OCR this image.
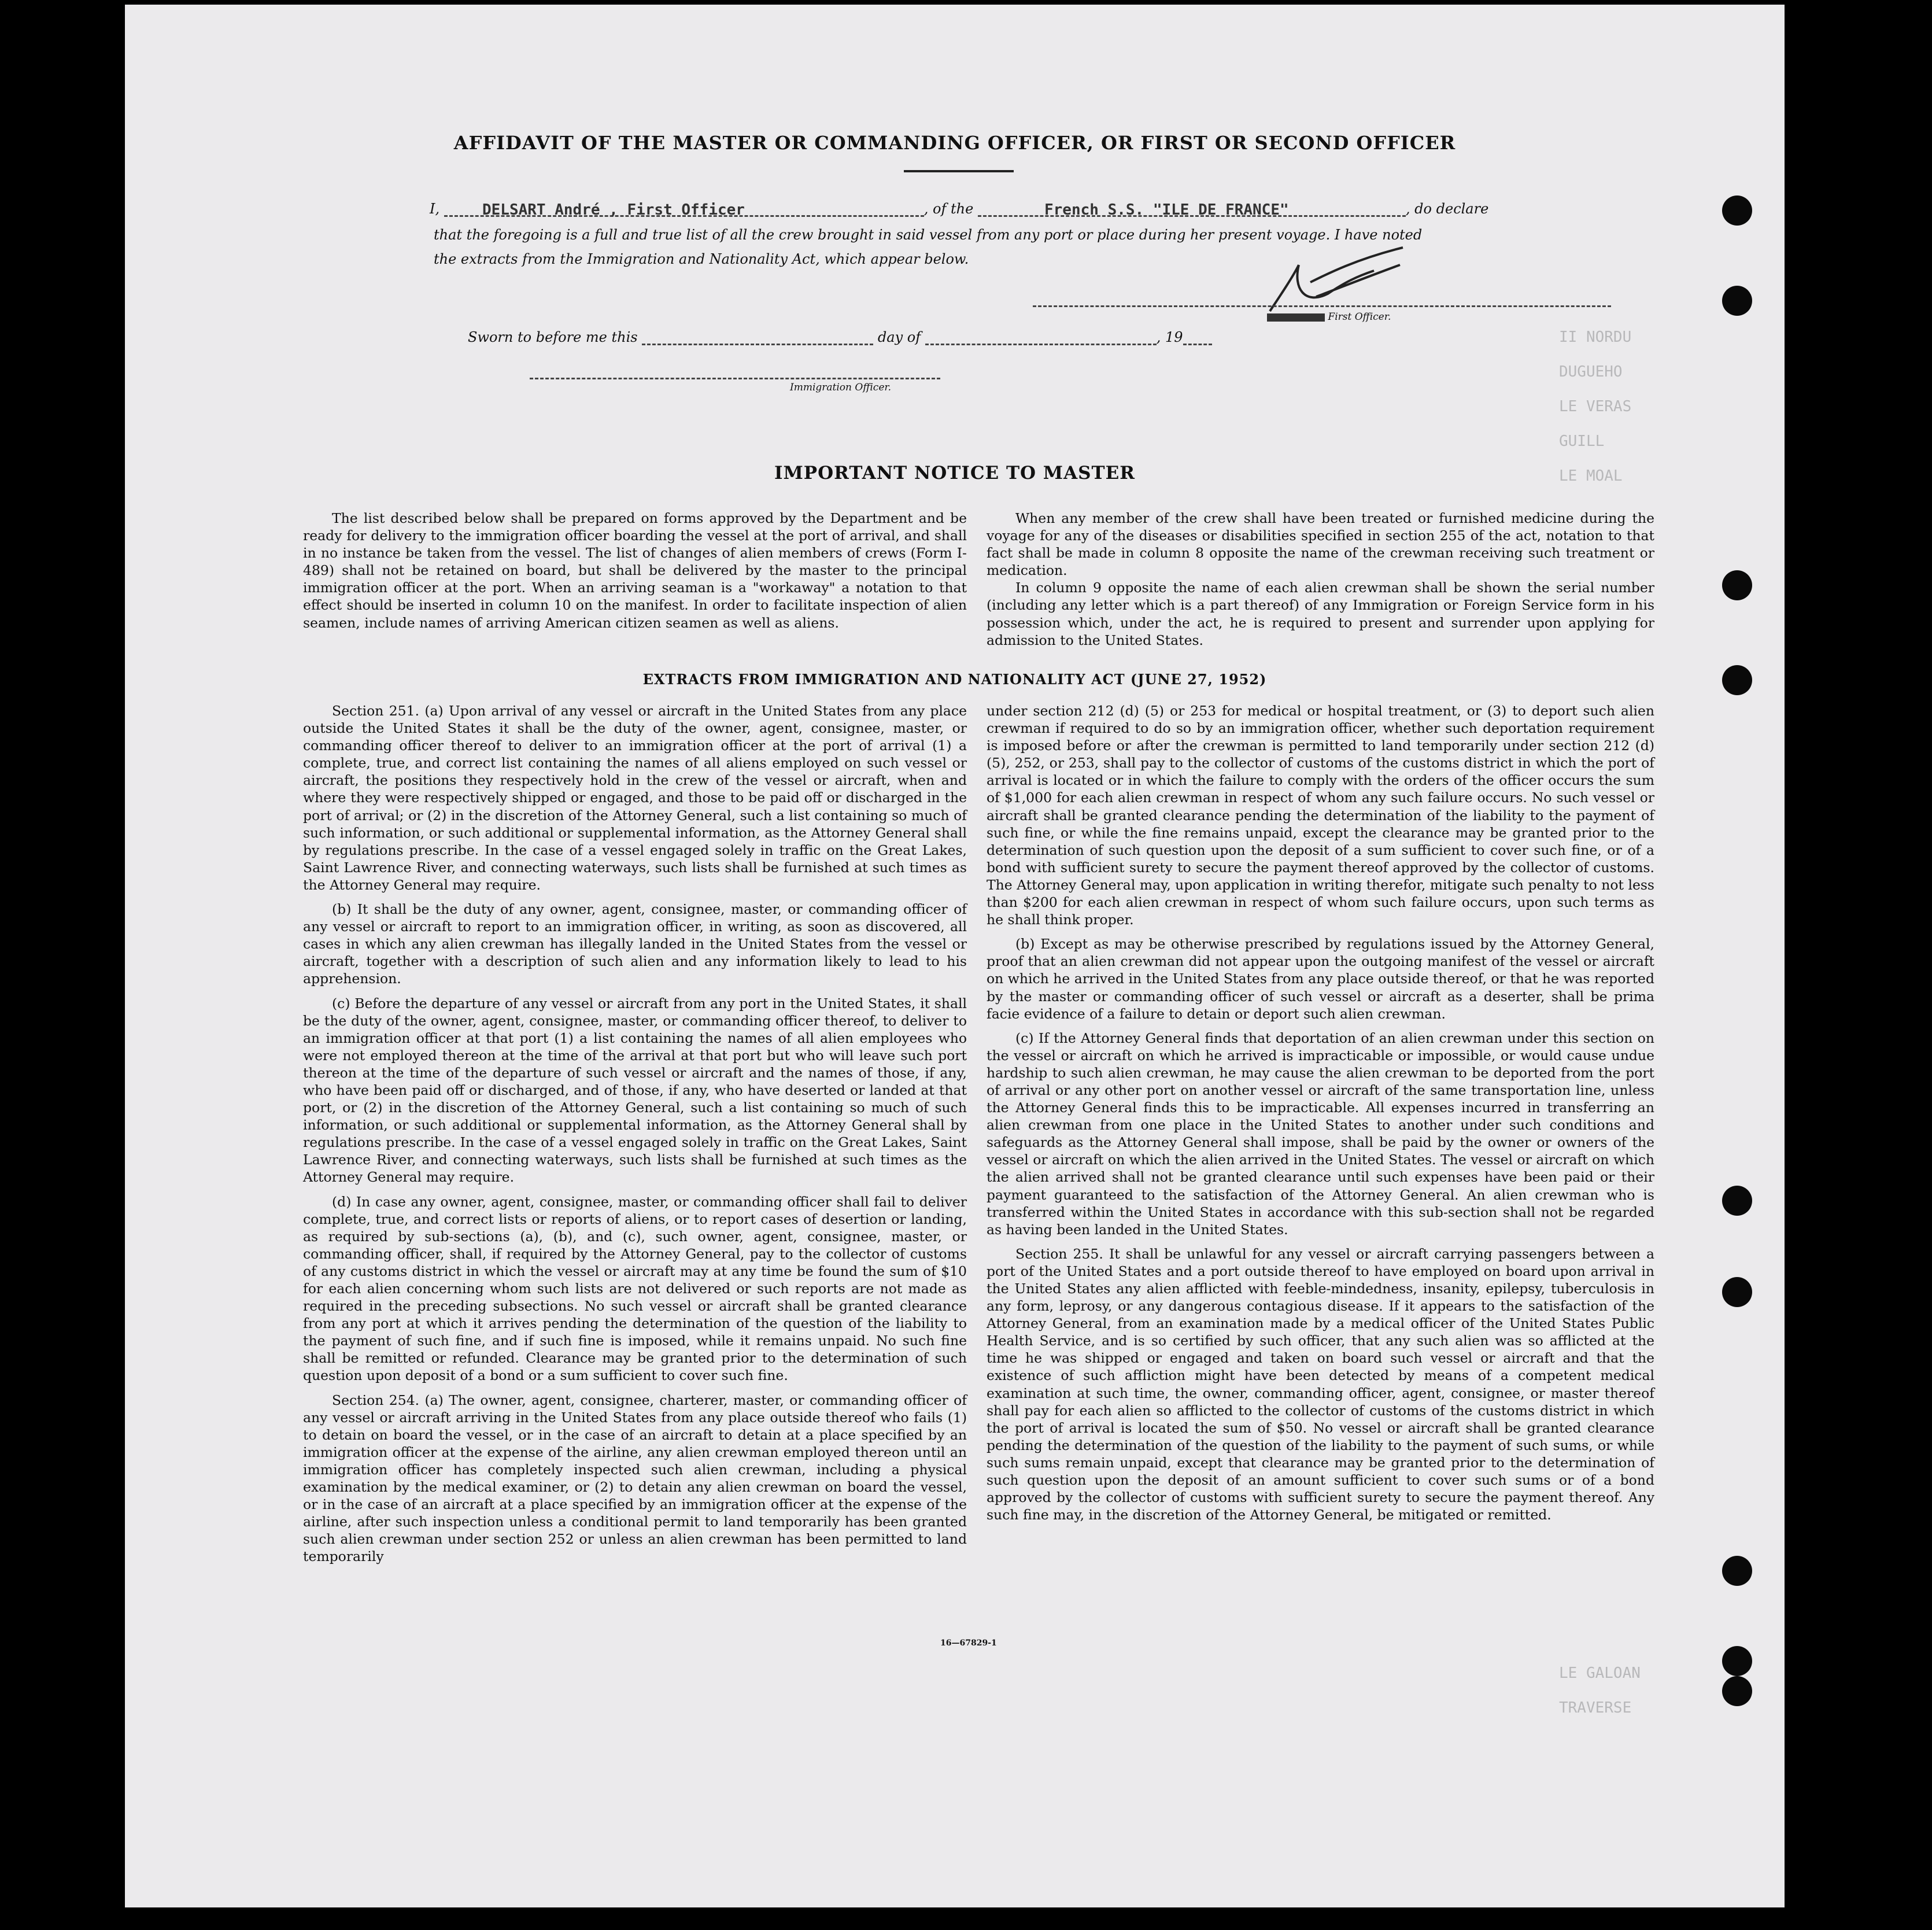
II NORDU
DUGUEHO
LE VERAS
GUILL
LE MOAL
LE GALOAN
TRAVERSE
AFFIDAVIT OF THE MASTER OR COMMANDING OFFICER, OR FIRST OR SECOND OFFICER
I,	, of the	, do declare
DELSART André , First Officer	French S.S. "ILE DE FRANCE"
that the foregoing is a full and true list of all the crew brought in said vessel from any port or place during her present voyage. I have noted
the extracts from the Immigration and Nationality Act, which appear below.
First Officer.
Sworn to before me this	day of	, 19
Immigration Officer.
IMPORTANT NOTICE TO MASTER

The list described below shall be prepared on forms approved by the Department and be ready for delivery to the immigration officer boarding the vessel at the port of arrival, and shall in no instance be taken from the vessel. The list of changes of alien members of crews (Form I-489) shall not be retained on board, but shall be delivered by the master to the principal immigration officer at the port. When an arriving seaman is a "workaway" a notation to that effect should be inserted in column 10 on the manifest. In order to facilitate inspection of alien seamen, include names of arriving American citizen seamen as well as aliens.

When any member of the crew shall have been treated or furnished medicine during the voyage for any of the diseases or disabilities specified in section 255 of the act, notation to that fact shall be made in column 8 opposite the name of the crewman receiving such treatment or medication.

In column 9 opposite the name of each alien crewman shall be shown the serial number (including any letter which is a part thereof) of any Immigration or Foreign Service form in his possession which, under the act, he is required to present and surrender upon applying for admission to the United States.

EXTRACTS FROM IMMIGRATION AND NATIONALITY ACT (JUNE 27, 1952)

Section 251. (a) Upon arrival of any vessel or aircraft in the United States from any place outside the United States it shall be the duty of the owner, agent, consignee, master, or commanding officer thereof to deliver to an immigration officer at the port of arrival (1) a complete, true, and correct list containing the names of all aliens employed on such vessel or aircraft, the positions they respectively hold in the crew of the vessel or aircraft, when and where they were respectively shipped or engaged, and those to be paid off or discharged in the port of arrival; or (2) in the discretion of the Attorney General, such a list containing so much of such information, or such additional or supplemental information, as the Attorney General shall by regulations prescribe. In the case of a vessel engaged solely in traffic on the Great Lakes, Saint Lawrence River, and connecting waterways, such lists shall be furnished at such times as the Attorney General may require.

(b) It shall be the duty of any owner, agent, consignee, master, or commanding officer of any vessel or aircraft to report to an immigration officer, in writing, as soon as discovered, all cases in which any alien crewman has illegally landed in the United States from the vessel or aircraft, together with a description of such alien and any information likely to lead to his apprehension.

(c) Before the departure of any vessel or aircraft from any port in the United States, it shall be the duty of the owner, agent, consignee, master, or commanding officer thereof, to deliver to an immigration officer at that port (1) a list containing the names of all alien employees who were not employed thereon at the time of the arrival at that port but who will leave such port thereon at the time of the departure of such vessel or aircraft and the names of those, if any, who have been paid off or discharged, and of those, if any, who have deserted or landed at that port, or (2) in the discretion of the Attorney General, such a list containing so much of such information, or such additional or supplemental information, as the Attorney General shall by regulations prescribe. In the case of a vessel engaged solely in traffic on the Great Lakes, Saint Lawrence River, and connecting waterways, such lists shall be furnished at such times as the Attorney General may require.

(d) In case any owner, agent, consignee, master, or commanding officer shall fail to deliver complete, true, and correct lists or reports of aliens, or to report cases of desertion or landing, as required by sub-sections (a), (b), and (c), such owner, agent, consignee, master, or commanding officer, shall, if required by the Attorney General, pay to the collector of customs of any customs district in which the vessel or aircraft may at any time be found the sum of $10 for each alien concerning whom such lists are not delivered or such reports are not made as required in the preceding subsections. No such vessel or aircraft shall be granted clearance from any port at which it arrives pending the determination of the question of the liability to the payment of such fine, and if such fine is imposed, while it remains unpaid. No such fine shall be remitted or refunded. Clearance may be granted prior to the determination of such question upon deposit of a bond or a sum sufficient to cover such fine.

Section 254. (a) The owner, agent, consignee, charterer, master, or commanding officer of any vessel or aircraft arriving in the United States from any place outside thereof who fails (1) to detain on board the vessel, or in the case of an aircraft to detain at a place specified by an immigration officer at the expense of the airline, any alien crewman employed thereon until an immigration officer has completely inspected such alien crewman, including a physical examination by the medical examiner, or (2) to detain any alien crewman on board the vessel, or in the case of an aircraft at a place specified by an immigration officer at the expense of the airline, after such inspection unless a conditional permit to land temporarily has been granted such alien crewman under section 252 or unless an alien crewman has been permitted to land temporarily

under section 212 (d) (5) or 253 for medical or hospital treatment, or (3) to deport such alien crewman if required to do so by an immigration officer, whether such deportation requirement is imposed before or after the crewman is permitted to land temporarily under section 212 (d) (5), 252, or 253, shall pay to the collector of customs of the customs district in which the port of arrival is located or in which the failure to comply with the orders of the officer occurs the sum of $1,000 for each alien crewman in respect of whom any such failure occurs. No such vessel or aircraft shall be granted clearance pending the determination of the liability to the payment of such fine, or while the fine remains unpaid, except the clearance may be granted prior to the determination of such question upon the deposit of a sum sufficient to cover such fine, or of a bond with sufficient surety to secure the payment thereof approved by the collector of customs. The Attorney General may, upon application in writing therefor, mitigate such penalty to not less than $200 for each alien crewman in respect of whom such failure occurs, upon such terms as he shall think proper.

(b) Except as may be otherwise prescribed by regulations issued by the Attorney General, proof that an alien crewman did not appear upon the outgoing manifest of the vessel or aircraft on which he arrived in the United States from any place outside thereof, or that he was reported by the master or commanding officer of such vessel or aircraft as a deserter, shall be prima facie evidence of a failure to detain or deport such alien crewman.

(c) If the Attorney General finds that deportation of an alien crewman under this section on the vessel or aircraft on which he arrived is impracticable or impossible, or would cause undue hardship to such alien crewman, he may cause the alien crewman to be deported from the port of arrival or any other port on another vessel or aircraft of the same transportation line, unless the Attorney General finds this to be impracticable. All expenses incurred in transferring an alien crewman from one place in the United States to another under such conditions and safeguards as the Attorney General shall impose, shall be paid by the owner or owners of the vessel or aircraft on which the alien arrived in the United States. The vessel or aircraft on which the alien arrived shall not be granted clearance until such expenses have been paid or their payment guaranteed to the satisfaction of the Attorney General. An alien crewman who is transferred within the United States in accordance with this sub-section shall not be regarded as having been landed in the United States.

Section 255. It shall be unlawful for any vessel or aircraft carrying passengers between a port of the United States and a port outside thereof to have employed on board upon arrival in the United States any alien afflicted with feeble-mindedness, insanity, epilepsy, tuberculosis in any form, leprosy, or any dangerous contagious disease. If it appears to the satisfaction of the Attorney General, from an examination made by a medical officer of the United States Public Health Service, and is so certified by such officer, that any such alien was so afflicted at the time he was shipped or engaged and taken on board such vessel or aircraft and that the existence of such affliction might have been detected by means of a competent medical examination at such time, the owner, commanding officer, agent, consignee, or master thereof shall pay for each alien so afflicted to the collector of customs of the customs district in which the port of arrival is located the sum of $50. No vessel or aircraft shall be granted clearance pending the determination of the question of the liability to the payment of such sums, or while such sums remain unpaid, except that clearance may be granted prior to the determination of such question upon the deposit of an amount sufficient to cover such sums or of a bond approved by the collector of customs with sufficient surety to secure the payment thereof. Any such fine may, in the discretion of the Attorney General, be mitigated or remitted.

16—67829-1
